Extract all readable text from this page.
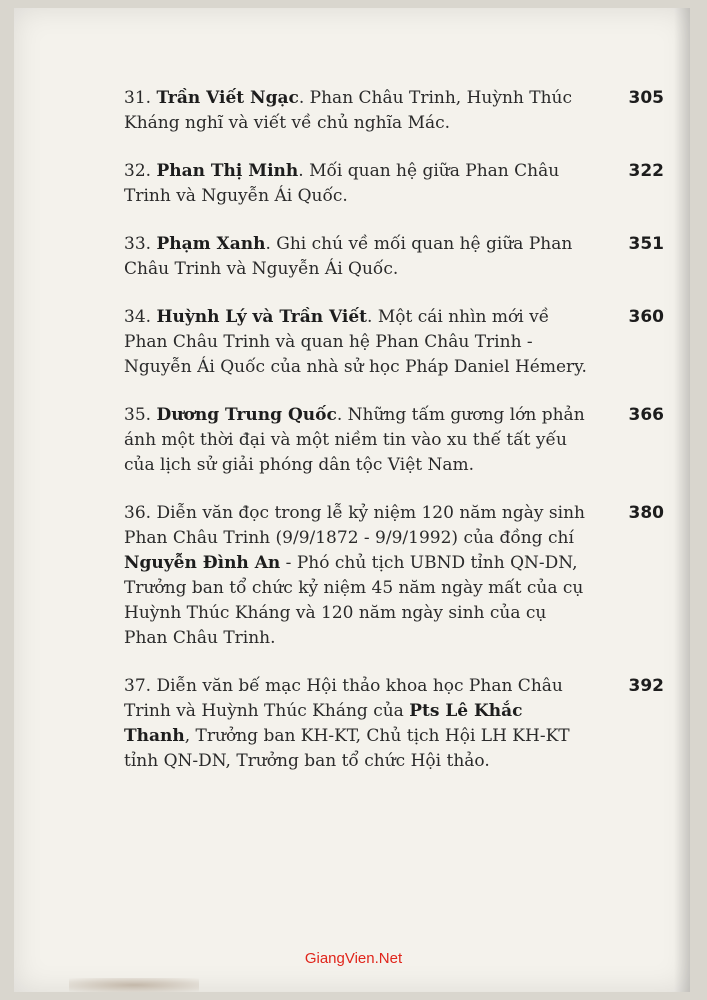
31. Trần Viết Ngạc. Phan Châu Trinh, Huỳnh Thúc Kháng nghĩ và viết về chủ nghĩa Mác.
305
32. Phan Thị Minh. Mối quan hệ giữa Phan Châu Trinh và Nguyễn Ái Quốc.
322
33. Phạm Xanh. Ghi chú về mối quan hệ giữa Phan Châu Trinh và Nguyễn Ái Quốc.
351
34. Huỳnh Lý và Trần Viết. Một cái nhìn mới về Phan Châu Trinh và quan hệ Phan Châu Trinh - Nguyễn Ái Quốc của nhà sử học Pháp Daniel Hémery.
360
35. Dương Trung Quốc. Những tấm gương lớn phản ánh một thời đại và một niềm tin vào xu thế tất yếu của lịch sử giải phóng dân tộc Việt Nam.
366
36. Diễn văn đọc trong lễ kỷ niệm 120 năm ngày sinh Phan Châu Trinh (9/9/1872 - 9/9/1992) của đồng chí Nguyễn Đình An - Phó chủ tịch UBND tỉnh QN-DN, Trưởng ban tổ chức kỷ niệm 45 năm ngày mất của cụ Huỳnh Thúc Kháng và 120 năm ngày sinh của cụ Phan Châu Trinh.
380
37. Diễn văn bế mạc Hội thảo khoa học Phan Châu Trinh và Huỳnh Thúc Kháng của Pts Lê Khắc Thanh, Trưởng ban KH-KT, Chủ tịch Hội LH KH-KT tỉnh QN-DN, Trưởng ban tổ chức Hội thảo.
392
GiangVien.Net
